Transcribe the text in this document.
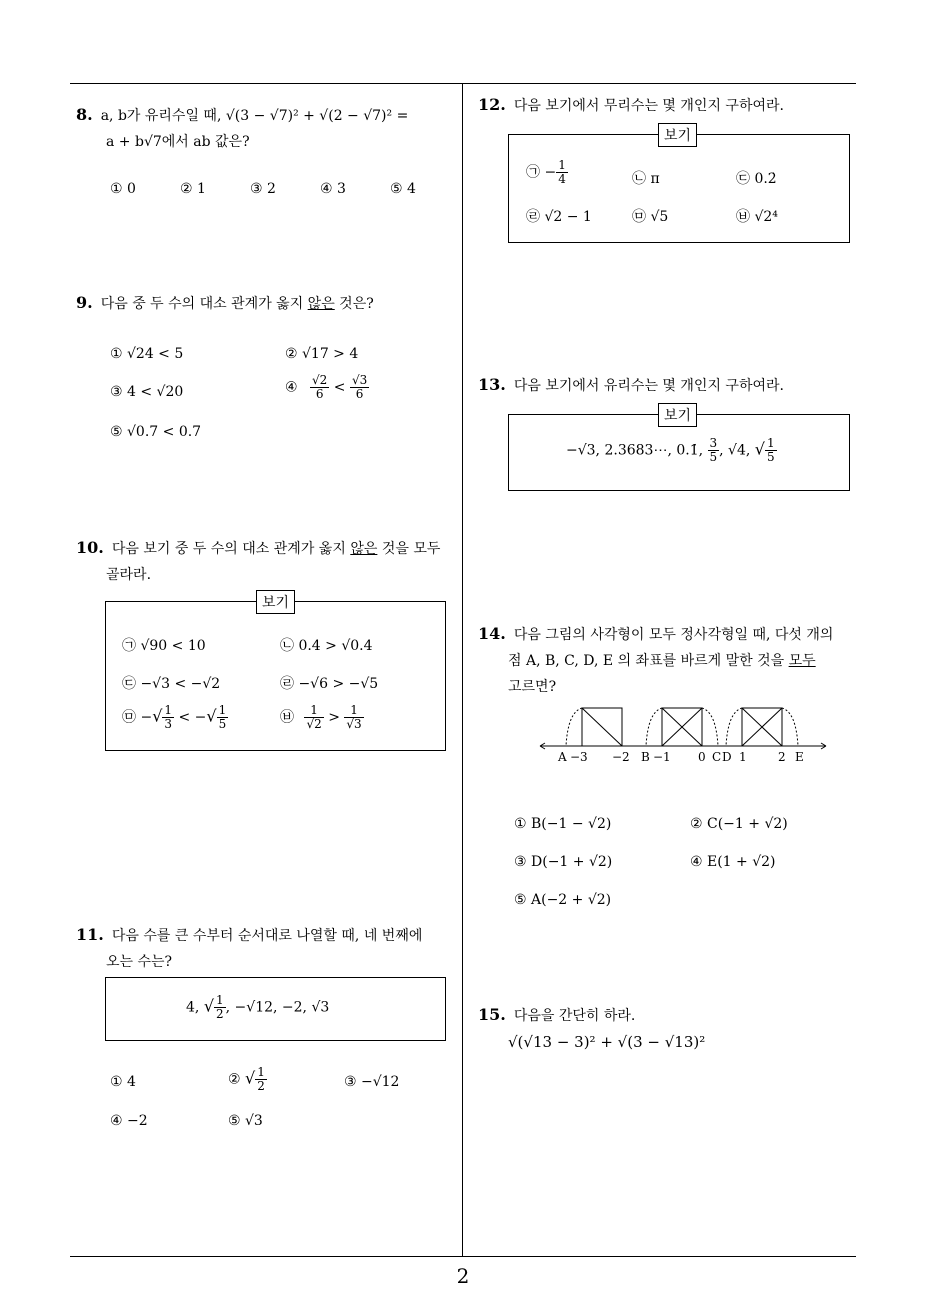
8. a, b가 유리수일 때, √(3 − √7)² + √(2 − √7)² =
a + b√7에서 ab 값은?
① 0	② 1	③ 2	④ 3	⑤ 4
9. 다음 중 두 수의 대소 관계가 옳지 않은 것은?
① √24 < 5	② √17 > 4
③ 4 < √20	④ $\frac{√2}{6} < \frac{√3}{6}$
⑤ √0.7 < 0.7
10. 다음 보기 중 두 수의 대소 관계가 옳지 않은 것을 모두
골라라.
보기
㉠ √90 < 10	㉡ 0.4 > √0.4
㉢ −√3 < −√2	㉣ −√6 > −√5
㉤ −√ $\frac{1}{3}$ < −√ $\frac{1}{5}$	㉥ $\frac{1}{√2} > \frac{1}{√3}$
11. 다음 수를 큰 수부터 순서대로 나열할 때, 네 번째에
오는 수는?
4, √ $\frac{1}{2}$ , −√12, −2, √3
① 4	② √ $\frac{1}{2}$	③ −√12
④ −2	⑤ √3
12. 다음 보기에서 무리수는 몇 개인지 구하여라.
보기
㉠ − $\frac{1}{4}$	㉡ π	㉢ 0.2̇
㉣ √2 − 1	㉤ √5	㉥ √2⁴
13. 다음 보기에서 유리수는 몇 개인지 구하여라.
보기
−√3, 2.3683⋯, 0.1̇, $\frac{3}{5}$ , √4, √ $\frac{1}{5}$
14. 다음 그림의 사각형이 모두 정사각형일 때, 다섯 개의
점 A, B, C, D, E 의 좌표를 바르게 말한 것을 모두
고르면?
A −3 −2 B −1 0 C D 1	2 E
① B(−1 − √2)	② C(−1 + √2)
③ D(−1 + √2)	④ E(1 + √2)
⑤ A(−2 + √2)
15. 다음을 간단히 하라.
√(√13 − 3)² + √(3 − √13)²
2
